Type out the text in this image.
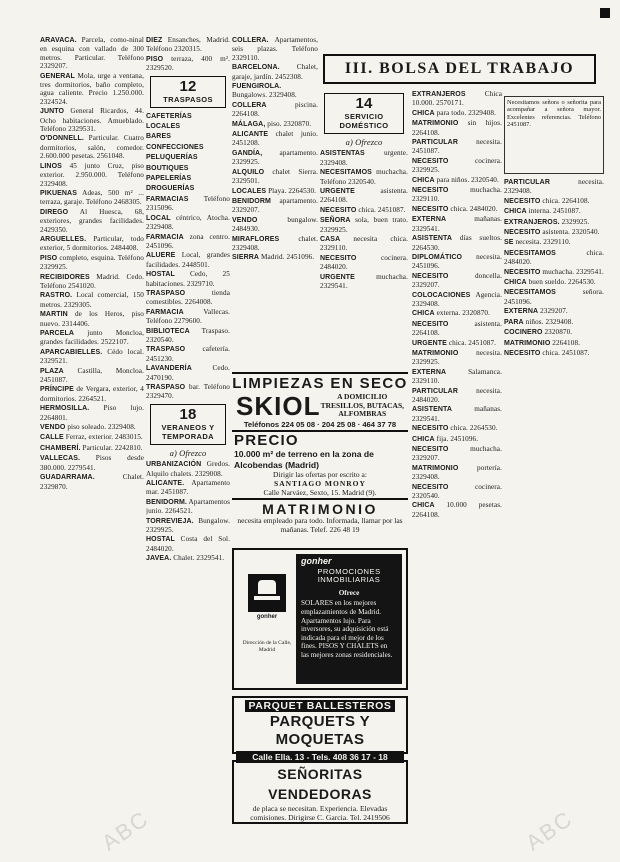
ARAVACA. Parcela, como-ninal en esquina con vallado de 300 metros. Particular. Teléfono 2329207.

GENERAL Mola, urge a ventana, tres dormitorios, baño completo, agua caliente. Precio 1.250.000. 2324524.

JUNTO General Ricardos, 44. Ocho habitaciones. Amueblado. Teléfono 2329531.

O'DONNELL. Particular. Cuatro dormitorios, salón, comedor. 2.600.000 pesetas. 2561048.

LINOS 45 junto Cruz, piso exterior. 2.950.000. Teléfono 2329408.

PIKUENAS Adeas, 500 m² ... terraza, garaje. Teléfono 2468305.

DIREGO Al Huesca, 68, exteriores, grandes facilidades. 2429350.

ARGUELLES. Particular, todo exterior, 5 dormitorios. 2484408.

PISO completo, esquina. Teléfono 2329925.

RECIBIDORES Madrid. Cedo. Teléfono 2541020.

RASTRO. Local comercial, 150 metros. 2329305.

MARTIN de los Heros, piso nuevo. 2314406.

PARCELA junto Moncloa, grandes facilidades. 2522107.

APARCABIELLES. Cédo local. 2329521.

PLAZA Castilla, Moncloa. 2451087.

PRÍNCIPE de Vergara, exterior, 4 dormitorios. 2264521.

HERMOSILLA. Piso lujo. 2264801.

VENDO piso soleado. 2329408.

CALLE Ferraz, exterior. 2483015.

CHAMBERÍ. Particular. 2242810.

VALLECAS. Pisos desde 380.000. 2279541.

GUADARRAMA.	Chalet. 2329870.

DIEZ Ensanches, Madrid. Teléfono 2320315.

PISO terraza, 400 m². 2329520.

12
TRASPASOS

CAFETERÍAS

LOCALES

BARES

CONFECCIONES

PELUQUERÍAS

BOUTIQUES

PAPELERÍAS

DROGUERÍAS

FARMACIAS Teléfono 2315096.

LOCAL céntrico, Atocha. 2329408.

FARMACIA zona centro. 2451096.

ALUERE Local, grandes facilidades. 2448501.

HOSTAL Cedo, 25 habitaciones. 2329710.

TRASPASO	tienda comestibles. 2264008.

FARMACIA	Vallecas. Teléfono 2279600.

BIBLIOTECA Traspaso. 2320540.

TRASPASO cafetería. 2451230.

LAVANDERÍA	Cedo. 2470190.

TRASPASO bar. Teléfono 2329470.

18
VERANEOS Y TEMPORADA
a) Ofrezco

URBANIZACIÓN Gredos. Alquilo chalets. 2329008.

ALICANTE. Apartamento mar. 2451087.

BENIDORM. Apartamentos junio. 2264521.

TORREVIEJA. Bungalow. 2329925.

HOSTAL Costa del Sol. 2484020.

JAVEA. Chalet. 2329541.

COLLERA. Apartamentos, seis plazas. Teléfono 2329110.

BARCELONA. Chalet, garaje, jardín. 2452308.

FUENGIROLA. Bungalows. 2329408.

COLLERA	piscina. 2264108.

MÁLAGA, piso. 2320870.

ALICANTE chalet junio. 2451208.

GANDÍA, apartamento. 2329925.

ALQUILO chalet Sierra. 2329501.

LOCALES Playa. 2264530.

BENIDORM apartamento. 2329207.

VENDO	bungalow. 2484930.

MIRAFLORES	chalet. 2329408.

SIERRA Madrid. 2451096.

III. BOLSA DEL TRABAJO
14
SERVICIO DOMÉSTICO
a) Ofrezco

ASISTENTAS	urgente. 2329408.

NECESITAMOS muchacha. Teléfono 2320540.

URGENTE	asistenta. 2264108.

NECESITO chica. 2451087.

SEÑORA sola, buen trato. 2329925.

CASA necesita chica. 2329110.

NECESITO	cocinera. 2484020.

URGENTE	muchacha. 2329541.

EXTRANJEROS	Chica 10.000. 2570171.

CHICA para todo. 2329408.

MATRIMONIO sin hijos. 2264108.

PARTICULAR	necesita. 2451087.

NECESITO	cocinera. 2329925.

CHICA para niños. 2320540.

NECESITO	muchacha. 2329110.

NECESITO chica. 2484020.

EXTERNA	mañanas. 2329541.

ASISTENTA días sueltos. 2264530.

DIPLOMÁTICO necesita. 2451096.

NECESITO	doncella. 2329207.

COLOCACIONES Agencia. 2329408.

CHICA externa. 2320870.

NECESITO	asistenta. 2264108.

URGENTE chica. 2451087.

MATRIMONIO necesita. 2329925.

EXTERNA	Salamanca. 2329110.

PARTICULAR	necesita. 2484020.

ASISTENTA	mañanas. 2329541.

NECESITO chica. 2264530.

CHICA fija. 2451096.

NECESITO	muchacha. 2329207.

MATRIMONIO	portería. 2329408.

NECESITO	cocinera. 2320540.

CHICA 10.000 pesetas. 2264108.

Necesitamos señora o señorita para acompañar a señora mayor. Excelentes referencias. Teléfono 2451087.

PARTICULAR	necesita. 2329408.

NECESITO chica. 2264108.

CHICA interna. 2451087.

EXTRANJEROS. 2329925.

NECESITO asistenta. 2320540.

SE necesita. 2329110.

NECESITAMOS	chica. 2484020.

NECESITO muchacha. 2329541.

CHICA buen sueldo. 2264530.

NECESITAMOS	señora. 2451096.

EXTERNA 2329207.

PARA niños. 2329408.

COCINERO 2320870.

MATRIMONIO 2264108.

NECESITO chica. 2451087.

LIMPIEZAS EN SECO
SKIOL	A DOMICILIO
TRESILLOS, BUTACAS,
ALFOMBRAS
Teléfonos 224 05 08 · 204 25 08 · 464 37 78
PRECIO
10.000 m² de terreno en la zona de Alcobendas (Madrid)
Dirigir las ofertas por escrito a:
SANTIAGO MONROY
Calle Narváez, Sexto, 15. Madrid (9).
MATRIMONIO
necesita empleado para todo. Informada, llamar por las mañanas. Telef. 226 48 19
gonher
Dirección de la Calle, Madrid
gonher
PROMOCIONES INMOBILIARIAS
Ofrece
SOLARES en los mejores emplazamientos de Madrid. Apartamentos lujo. Para inversores, su adquisición está indicada para el mejor de los fines. PISOS Y CHALETS en las mejores zonas residenciales.
PARQUET BALLESTEROS
PARQUETS Y MOQUETAS
Calle Ella, 13 - Tels. 408 36 17 - 18
SEÑORITAS VENDEDORAS
de placa se necesitan. Experiencia. Elevadas comisiones. Dirigirse C. Garcia. Tel. 2419506
ABC	ABC
